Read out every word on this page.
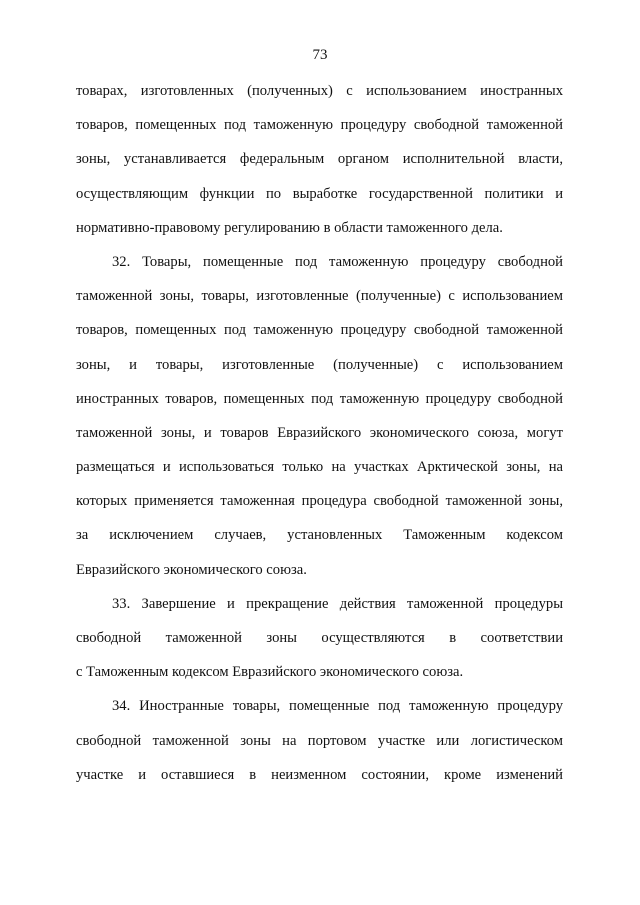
73
товарах, изготовленных (полученных) с использованием иностранных
товаров, помещенных под таможенную процедуру свободной таможенной
зоны, устанавливается федеральным органом исполнительной власти,
осуществляющим функции по выработке государственной политики и
нормативно-правовому регулированию в области таможенного дела.
32. Товары, помещенные под таможенную процедуру свободной
таможенной зоны, товары, изготовленные (полученные) с использованием
товаров, помещенных под таможенную процедуру свободной таможенной
зоны, и товары, изготовленные (полученные) с использованием
иностранных товаров, помещенных под таможенную процедуру свободной
таможенной зоны, и товаров Евразийского экономического союза, могут
размещаться и использоваться только на участках Арктической зоны, на
которых применяется таможенная процедура свободной таможенной зоны,
за исключением случаев, установленных Таможенным кодексом
Евразийского экономического союза.
33. Завершение и прекращение действия таможенной процедуры
свободной таможенной зоны осуществляются в соответствии
с Таможенным кодексом Евразийского экономического союза.
34. Иностранные товары, помещенные под таможенную процедуру
свободной таможенной зоны на портовом участке или логистическом
участке и оставшиеся в неизменном состоянии, кроме изменений
